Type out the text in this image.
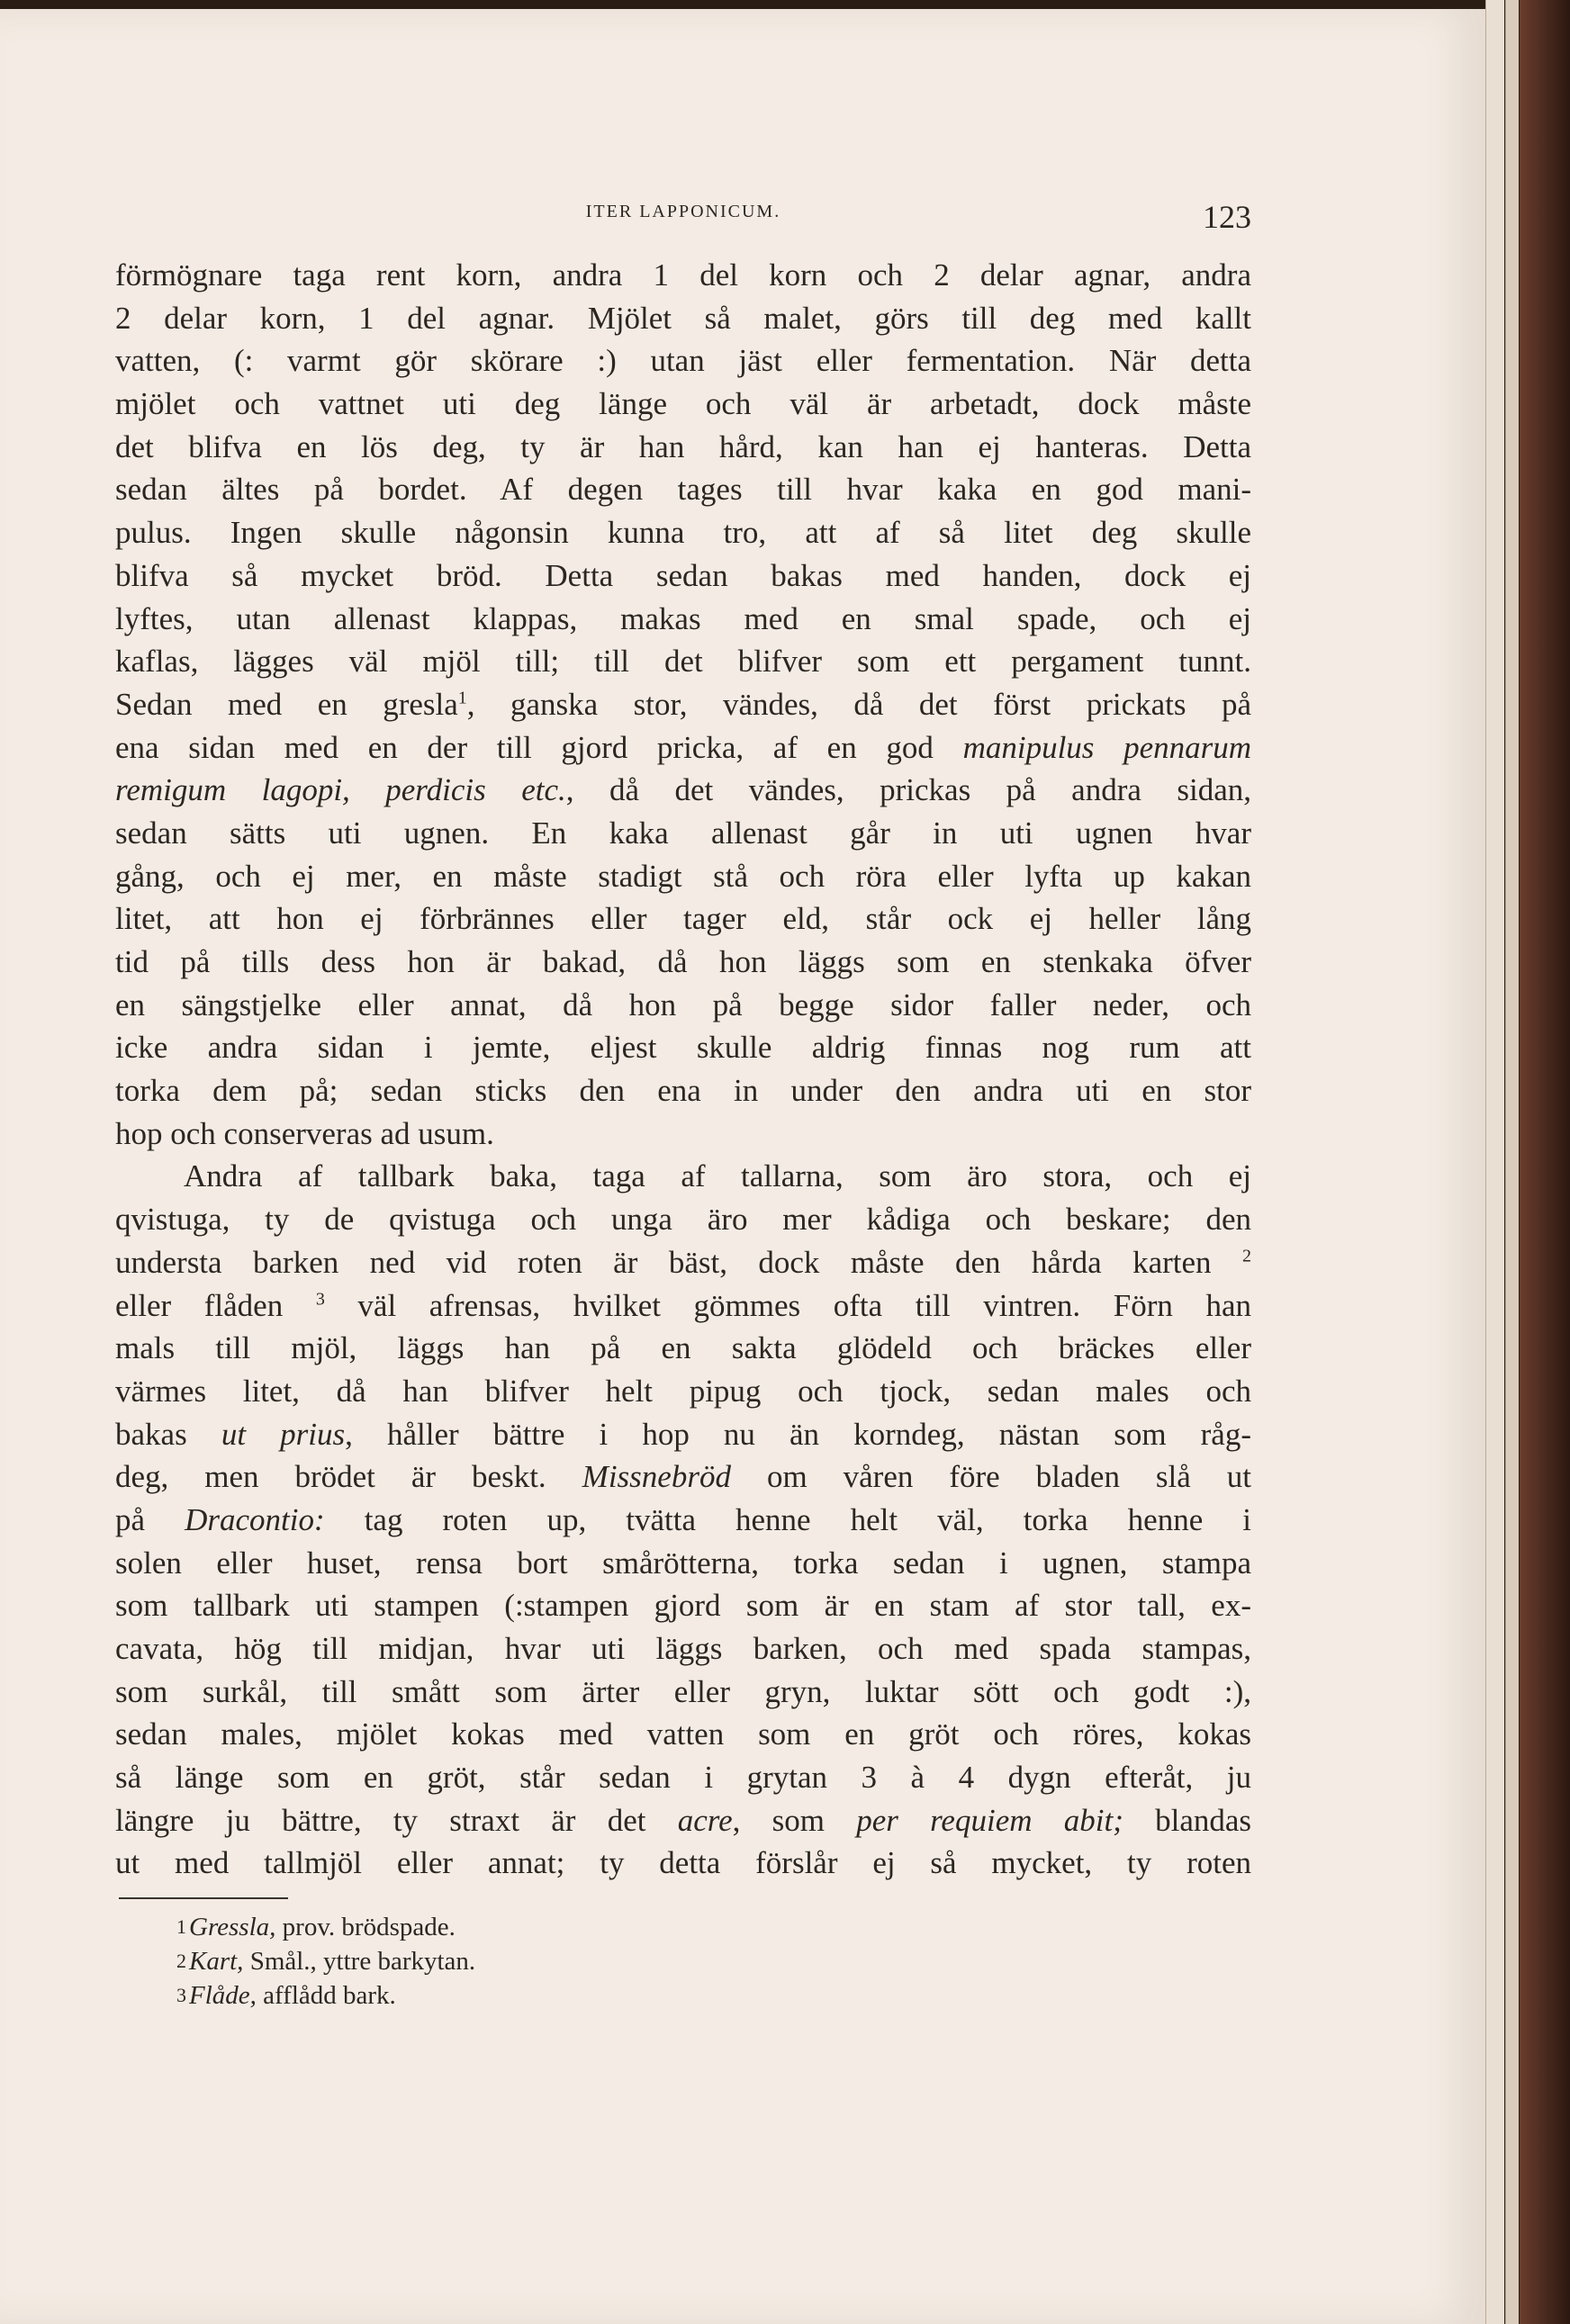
ITER LAPPONICUM.	123
förmögnare taga rent korn, andra 1 del korn och 2 delar agnar, andra
2 delar korn, 1 del agnar. Mjölet så malet, görs till deg med kallt
vatten, (: varmt gör skörare :) utan jäst eller fermentation. När detta
mjölet och vattnet uti deg länge och väl är arbetadt, dock måste
det blifva en lös deg, ty är han hård, kan han ej hanteras. Detta
sedan ältes på bordet. Af degen tages till hvar kaka en god mani-
pulus. Ingen skulle någonsin kunna tro, att af så litet deg skulle
blifva så mycket bröd. Detta sedan bakas med handen, dock ej
lyftes, utan allenast klappas, makas med en smal spade, och ej
kaflas, lägges väl mjöl till; till det blifver som ett pergament tunnt.
Sedan med en gresla$^1$, ganska stor, vändes, då det först prickats på
ena sidan med en der till gjord pricka, af en god manipulus pennarum
remigum lagopi, perdicis etc., då det vändes, prickas på andra sidan,
sedan sätts uti ugnen. En kaka allenast går in uti ugnen hvar
gång, och ej mer, en måste stadigt stå och röra eller lyfta up kakan
litet, att hon ej förbrännes eller tager eld, står ock ej heller lång
tid på tills dess hon är bakad, då hon läggs som en stenkaka öfver
en sängstjelke eller annat, då hon på begge sidor faller neder, och
icke andra sidan i jemte, eljest skulle aldrig finnas nog rum att
torka dem på; sedan sticks den ena in under den andra uti en stor
hop och conserveras ad usum.
Andra af tallbark baka, taga af tallarna, som äro stora, och ej
qvistuga, ty de qvistuga och unga äro mer kådiga och beskare; den
understa barken ned vid roten är bäst, dock måste den hårda karten $^2$
eller flåden $^3$ väl afrensas, hvilket gömmes ofta till vintren. Förn han
mals till mjöl, läggs han på en sakta glödeld och bräckes eller
värmes litet, då han blifver helt pipug och tjock, sedan males och
bakas ut prius, håller bättre i hop nu än korndeg, nästan som råg-
deg, men brödet är beskt. Missnebröd om våren före bladen slå ut
på Dracontio: tag roten up, tvätta henne helt väl, torka henne i
solen eller huset, rensa bort smårötterna, torka sedan i ugnen, stampa
som tallbark uti stampen (:stampen gjord som är en stam af stor tall, ex-
cavata, hög till midjan, hvar uti läggs barken, och med spada stampas,
som surkål, till smått som ärter eller gryn, luktar sött och godt :),
sedan males, mjölet kokas med vatten som en gröt och röres, kokas
så länge som en gröt, står sedan i grytan 3 à 4 dygn efteråt, ju
längre ju bättre, ty straxt är det acre, som per requiem abit; blandas
ut med tallmjöl eller annat; ty detta förslår ej så mycket, ty roten
1 Gressla, prov. brödspade.
2 Kart, Smål., yttre barkytan.
3 Flåde, afflådd bark.
